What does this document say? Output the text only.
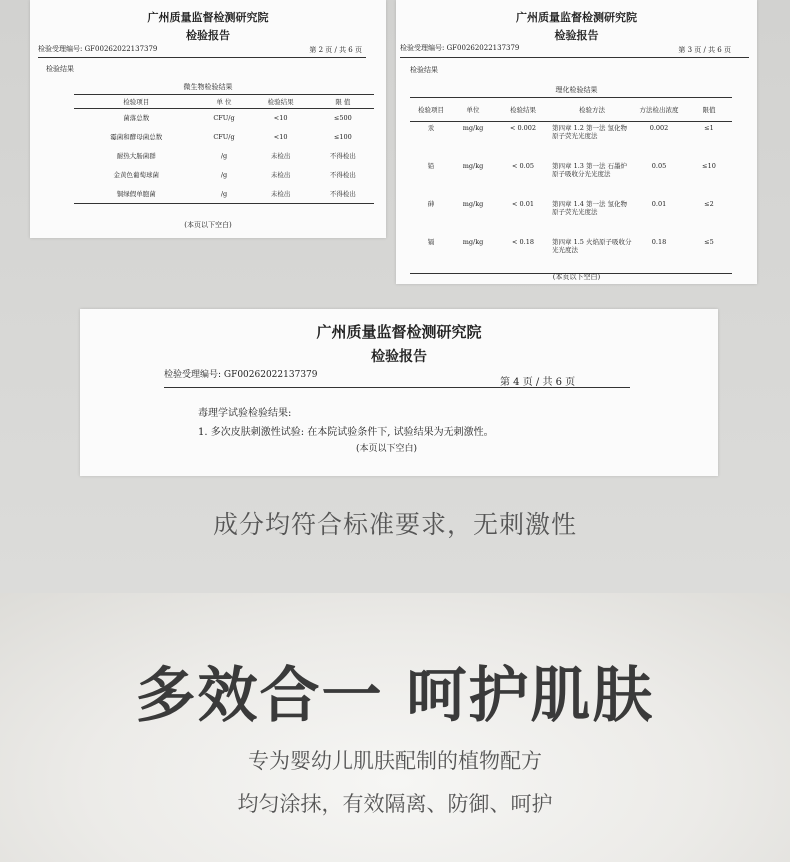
广州质量监督检测研究院
检验报告
检验受理编号: GF00262022137379	第 2 页 / 共 6 页
检验结果
微生物检验结果
检验项目	单 位	检验结果	限 值
菌落总数	CFU/g	<10	≤500
霉菌和酵母菌总数	CFU/g	<10	≤100
耐热大肠菌群	/g	未检出	不得检出
金黄色葡萄球菌	/g	未检出	不得检出
铜绿假单胞菌	/g	未检出	不得检出
(本页以下空白)
广州质量监督检测研究院
检验报告
检验受理编号: GF00262022137379	第 3 页 / 共 6 页
检验结果
理化检验结果
检验项目	单位	检验结果	检验方法	方法检出浓度	限值
汞	mg/kg	< 0.002	第四章 1.2 第一法 氢化物原子荧光光度法	0.002	≤1
铅	mg/kg	< 0.05	第四章 1.3 第一法 石墨炉原子吸收分光光度法	0.05	≤10
砷	mg/kg	< 0.01	第四章 1.4 第一法 氢化物原子荧光光度法	0.01	≤2
镉	mg/kg	< 0.18	第四章 1.5 火焰原子吸收分光光度法	0.18	≤5
(本页以下空白)
广州质量监督检测研究院
检验报告
检验受理编号: GF00262022137379
第 4 页 / 共 6 页
毒理学试验检验结果:
1. 多次皮肤刺激性试验: 在本院试验条件下, 试验结果为无刺激性。
(本页以下空白)
成分均符合标准要求，无刺激性
多效合一 呵护肌肤
专为婴幼儿肌肤配制的植物配方
均匀涂抹，有效隔离、防御、呵护
